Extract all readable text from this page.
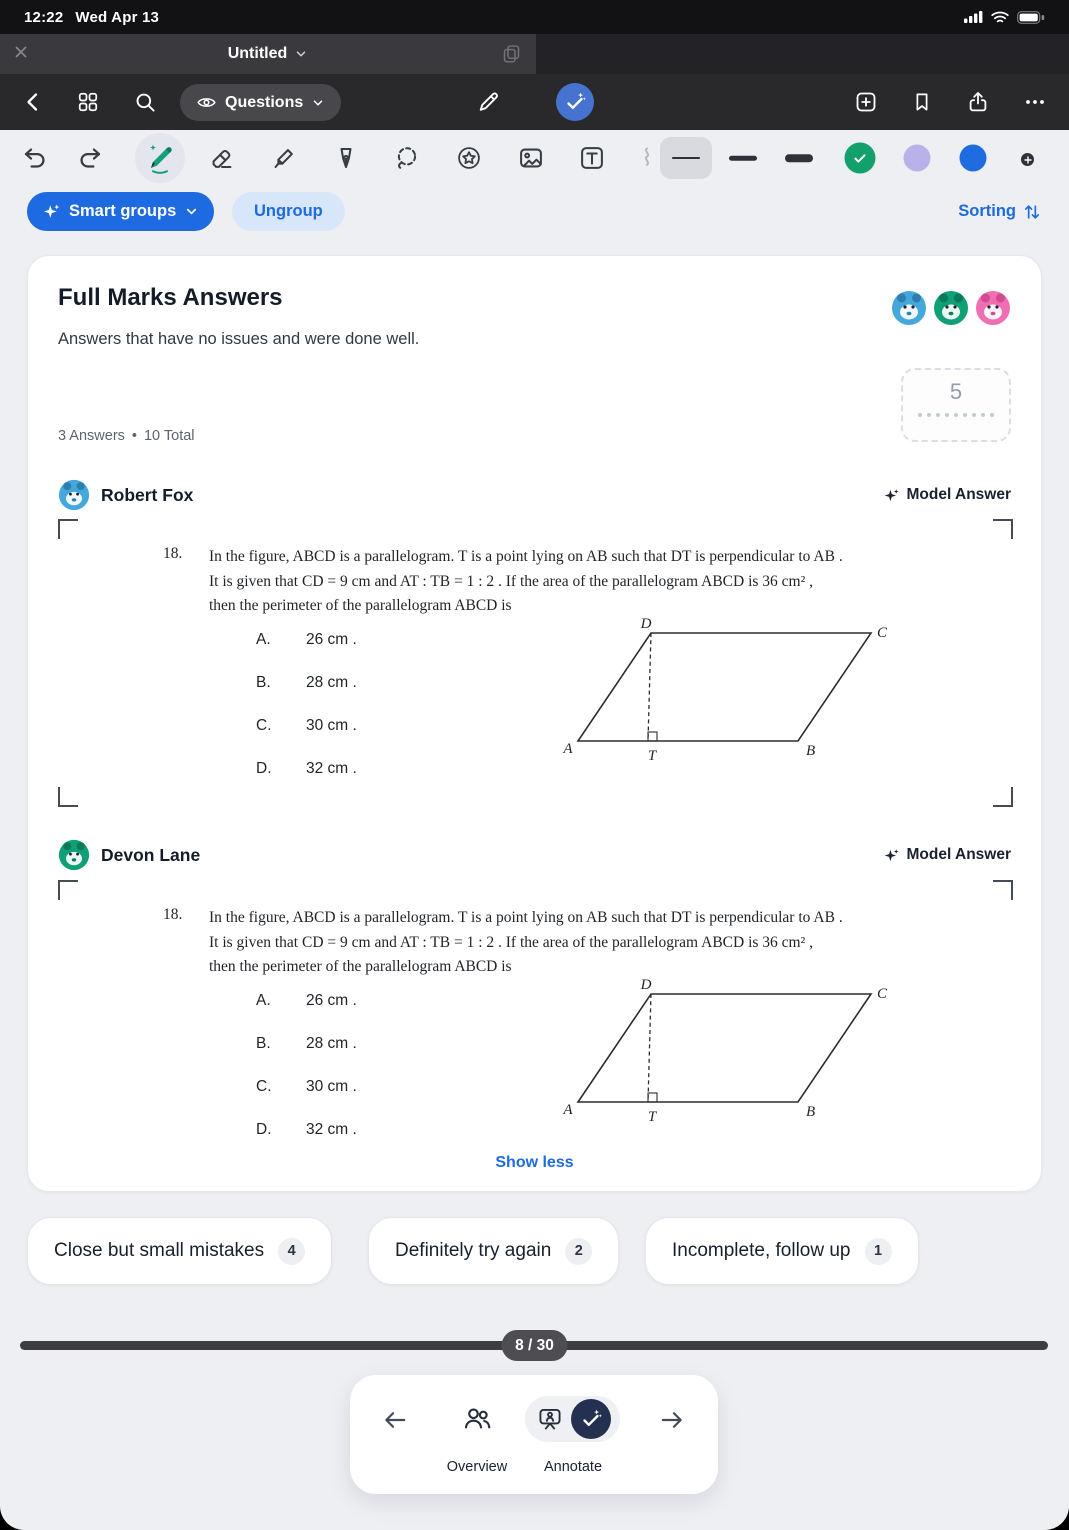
12:22 Wed Apr 13
Untitled
Questions
Smart groups	Ungroup	Sorting
Full Marks Answers

Answers that have no issues and were done well.

5
3 Answers • 10 Total
Robert Fox	Model Answer
18. In the figure, ABCD is a parallelogram. T is a point lying on AB such that DT is perpendicular to AB .
It is given that CD = 9 cm and AT : TB = 1 : 2 . If the area of the parallelogram ABCD is 36 cm² ,
then the perimeter of the parallelogram ABCD is
A.	26 cm .
B.	28 cm .
C.	30 cm .
D.	32 cm .
D
C
A	B
T
Devon Lane	Model Answer
18. In the figure, ABCD is a parallelogram. T is a point lying on AB such that DT is perpendicular to AB .
It is given that CD = 9 cm and AT : TB = 1 : 2 . If the area of the parallelogram ABCD is 36 cm² ,
then the perimeter of the parallelogram ABCD is
A.	26 cm .
B.	28 cm .
C.	30 cm .
D.	32 cm .
D
C
A	B
T
Show less
Close but small mistakes	4	Definitely try again	2	Incomplete, follow up	1
8 / 30
Overview	Annotate
